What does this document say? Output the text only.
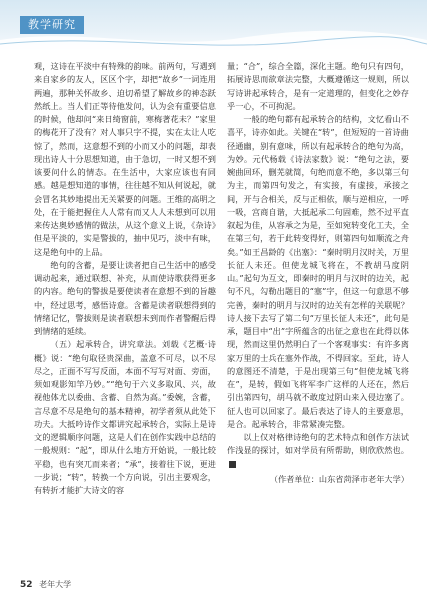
教学研究

观，这诗在平淡中有特殊的韵味。前两句，写遇到来自家乡的友人，区区个字，却把“故乡”一词连用两遍，那种关怀故乡、迫切希望了解故乡的神态跃然纸上。当人们正等待他发问，认为会有重要信息的时候，他却问“来日绮窗前，寒梅著花未？”家里的梅花开了没有？对人事只字不提，实在太让人吃惊了，然而，这意想不到的小而又小的问题，却表现出诗人十分思想知道，由于急切，一时又想不到该要问什么的情态。在生活中，大家应该也有同感。越是想知道的事情，往往越不知从何说起，就会冒名其妙地提出无关紧要的问题。王维的高明之处，在于能把握住人人常有而又人人未想到可以用来传达奥妙感情的做法，从这个意义上说，《杂诗》但是平淡的，实是警拔的，抽中见巧，淡中有味，这是绝句中的上品。

绝句的含蓄，是要让读者把自己生活中的感受调动起来，通过联想、补充，从而使诗歌获得更多的内容。绝句的警拔是要使读者在意想不到的旨趣中，经过思考，感悟诗意。含蓄是读者联想得到的情绪记忆，警拔则是读者联想未到而作者警醒后得到情绪的延续。

（五）起承转合，讲究章法。刘载《艺概·诗概》说：“绝句取径贵深曲，盖意不可尽，以不尽尽之，正面不写写反面，本面不写写对面、旁面，须如观影知竿乃妙。”“绝句于六义多取风、兴，故视他体尤以委曲、含蓄、自然为高。”委婉，含蓄，言尽意不尽是绝句的基本精神，初学者须从此处下功夫。大抵吟诗作文都讲究起承转合，实际上是诗文的逻辑顺序问题，这是人们在创作实践中总结的一般规则：“起”，即从什么地方开始说，一般比较平稳，也有突兀而来者；“承”，接着往下说，更进一步说；“转”，转换一个方向说，引出主要观念，有转折才能扩大诗文的容

量；“合”，综合全篇，深化主题。绝句只有四句，拓展诗思而欲章法完整，大概遵循这一规则，所以写诗讲起承转合，是有一定道理的，但变化之妙存乎一心，不可拘泥。

一般的绝句都有起承转合的结构，文忆看山不喜平，诗亦如此。关键在“转”，但短短的一首诗曲径通幽，别有意味，所以有起承转合的绝句为高，为妙。元代杨载《诗法家数》说：“绝句之法，要婉曲回环，删芜就简，句绝而意不绝，多以第三句为主，而第四句发之，有实接，有虚接，承接之间，开与合相关，反与正相依，顺与逆相应，一呼一吸，宫商自谐，大抵起承二句固难，然不过平直叙起为佳，从容承之为是，至如宛转变化工夫，全在第三句，若于此转变得好，则第四句如顺流之舟矣。”如王昌龄的《出塞》：“秦时明月汉时关，万里长征人未还。但使龙城飞将在，不教胡马度阴山。”起句为互文，即秦时的明月与汉时的边关，起句不凡，勾勒出题目的“塞”字，但这一句意思不够完善，秦时的明月与汉时的边关有怎样的关联呢？诗人接下去写了第二句“万里长征人未还”，此句是承，题目中“出”字所蕴含的出征之意也在此得以体现，然而这里仍然明白了一个客观事实：有许多离家万里的士兵在塞外作战，不得回家。至此，诗人的意图还不清楚，于是出现第三句“但使龙城飞将在”，是转，假如飞将军李广这样的人还在，然后引出第四句，胡马就不敢度过阴山来入侵边塞了。征人也可以回家了。最后表达了诗人的主要意思，是合。起承转合，非常紧凑完整。

以上仅对格律诗绝句的艺术特点和创作方法试作浅显的探讨，如对学员有所帮助，则欣欣然也。

（作者单位：山东省菏泽市老年大学）

52 老年大学
